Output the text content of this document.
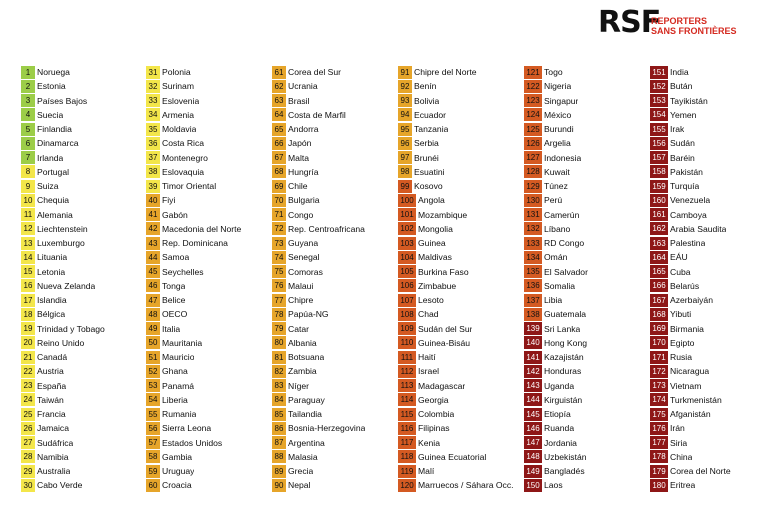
RSF
REPORTERS
SANS FRONTIÈRES
1 Noruega
2 Estonia
3 Países Bajos
4 Suecia
5 Finlandia
6 Dinamarca
7 Irlanda
8 Portugal
9 Suiza
10 Chequia
11 Alemania
12 Liechtenstein
13 Luxemburgo
14 Lituania
15 Letonia
16 Nueva Zelanda
17 Islandia
18 Bélgica
19 Trinidad y Tobago
20 Reino Unido
21 Canadá
22 Austria
23 España
24 Taiwán
25 Francia
26 Jamaica
27 Sudáfrica
28 Namibia
29 Australia
30 Cabo Verde
31 Polonia
32 Surinam
33 Eslovenia
34 Armenia
35 Moldavia
36 Costa Rica
37 Montenegro
38 Eslovaquia
39 Timor Oriental
40 Fiyi
41 Gabón
42 Macedonia del Norte
43 Rep. Dominicana
44 Samoa
45 Seychelles
46 Tonga
47 Belice
48 OECO
49 Italia
50 Mauritania
51 Mauricio
52 Ghana
53 Panamá
54 Liberia
55 Rumania
56 Sierra Leona
57 Estados Unidos
58 Gambia
59 Uruguay
60 Croacia
61 Corea del Sur
62 Ucrania
63 Brasil
64 Costa de Marfil
65 Andorra
66 Japón
67 Malta
68 Hungría
69 Chile
70 Bulgaria
71 Congo
72 Rep. Centroafricana
73 Guyana
74 Senegal
75 Comoras
76 Malaui
77 Chipre
78 Papúa-NG
79 Catar
80 Albania
81 Botsuana
82 Zambia
83 Níger
84 Paraguay
85 Tailandia
86 Bosnia-Herzegovina
87 Argentina
88 Malasia
89 Grecia
90 Nepal
91 Chipre del Norte
92 Benín
93 Bolivia
94 Ecuador
95 Tanzania
96 Serbia
97 Brunéi
98 Esuatini
99 Kosovo
100 Angola
101 Mozambique
102 Mongolia
103 Guinea
104 Maldivas
105 Burkina Faso
106 Zimbabue
107 Lesoto
108 Chad
109 Sudán del Sur
110 Guinea-Bisáu
111 Haití
112 Israel
113 Madagascar
114 Georgia
115 Colombia
116 Filipinas
117 Kenia
118 Guinea Ecuatorial
119 Malí
120 Marruecos / Sáhara Occ.
121 Togo
122 Nigeria
123 Singapur
124 México
125 Burundi
126 Argelia
127 Indonesia
128 Kuwait
129 Túnez
130 Perú
131 Camerún
132 Líbano
133 RD Congo
134 Omán
135 El Salvador
136 Somalia
137 Libia
138 Guatemala
139 Sri Lanka
140 Hong Kong
141 Kazajistán
142 Honduras
143 Uganda
144 Kirguistán
145 Etiopía
146 Ruanda
147 Jordania
148 Uzbekistán
149 Bangladés
150 Laos
151 India
152 Bután
153 Tayikistán
154 Yemen
155 Irak
156 Sudán
157 Baréin
158 Pakistán
159 Turquía
160 Venezuela
161 Camboya
162 Arabia Saudita
163 Palestina
164 EÁU
165 Cuba
166 Belarús
167 Azerbaiyán
168 Yibuti
169 Birmania
170 Egipto
171 Rusia
172 Nicaragua
173 Vietnam
174 Turkmenistán
175 Afganistán
176 Irán
177 Siria
178 China
179 Corea del Norte
180 Eritrea
